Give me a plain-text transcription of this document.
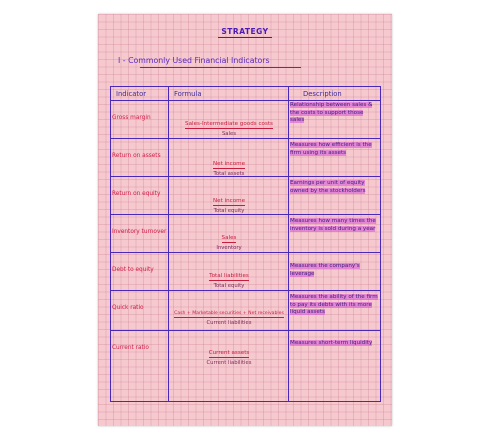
STRATEGY
I - Commonly Used Financial Indicators
Indicator	Formula	Description
Gross margin
Sales-Intermediate goods costs
Sales
Relationship between sales & the costs to support those sales
Return on assets
Net income
Total assets
Measures how efficient is the firm using its assets
Return on equity
Net income
Total equity
Earnings per unit of equity owned by the stockholders
Inventory turnover
Sales
Inventory
Measures how many times the inventory is sold during a year
Debt to equity
Total liabilities
Total equity
Measures the company's leverage
Quick ratio
Cash + Marketable securities + Net receivables
Current liabilities
Measures the ability of the firm to pay its debts with its more liquid assets
Current ratio
Current assets
Current liabilities
Measures short-term liquidity
